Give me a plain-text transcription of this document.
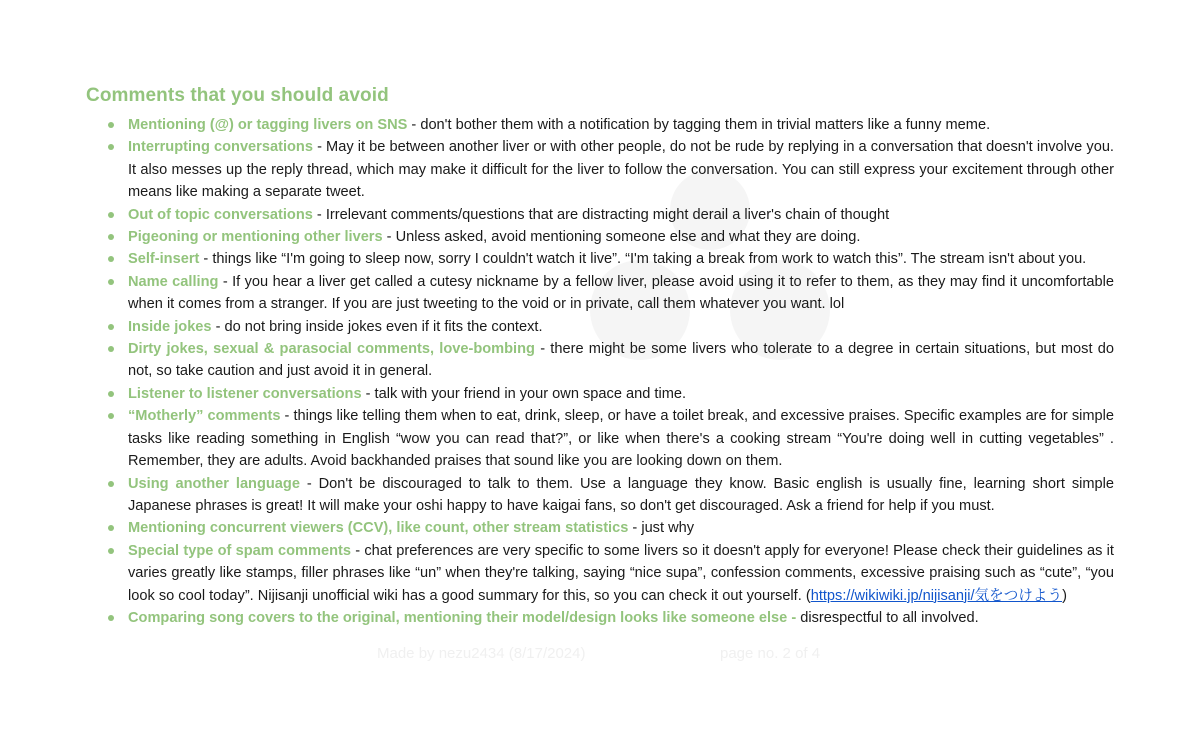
Comments that you should avoid
Mentioning (@) or tagging livers on SNS - don't bother them with a notification by tagging them in trivial matters like a funny meme.
Interrupting conversations - May it be between another liver or with other people, do not be rude by replying in a conversation that doesn't involve you. It also messes up the reply thread, which may make it difficult for the liver to follow the conversation. You can still express your excitement through other means like making a separate tweet.
Out of topic conversations - Irrelevant comments/questions that are distracting might derail a liver's chain of thought
Pigeoning or mentioning other livers - Unless asked, avoid mentioning someone else and what they are doing.
Self-insert - things like “I'm going to sleep now, sorry I couldn't watch it live”. “I'm taking a break from work to watch this”. The stream isn't about you.
Name calling - If you hear a liver get called a cutesy nickname by a fellow liver, please avoid using it to refer to them, as they may find it uncomfortable when it comes from a stranger. If you are just tweeting to the void or in private, call them whatever you want. lol
Inside jokes - do not bring inside jokes even if it fits the context.
Dirty jokes, sexual & parasocial comments, love-bombing - there might be some livers who tolerate to a degree in certain situations, but most do not, so take caution and just avoid it in general.
Listener to listener conversations - talk with your friend in your own space and time.
“Motherly” comments - things like telling them when to eat, drink, sleep, or have a toilet break, and excessive praises. Specific examples are for simple tasks like reading something in English “wow you can read that?”, or like when there's a cooking stream “You're doing well in cutting vegetables” . Remember, they are adults. Avoid backhanded praises that sound like you are looking down on them.
Using another language - Don't be discouraged to talk to them. Use a language they know. Basic english is usually fine, learning short simple Japanese phrases is great! It will make your oshi happy to have kaigai fans, so don't get discouraged. Ask a friend for help if you must.
Mentioning concurrent viewers (CCV), like count, other stream statistics - just why
Special type of spam comments - chat preferences are very specific to some livers so it doesn't apply for everyone! Please check their guidelines as it varies greatly like stamps, filler phrases like “un” when they're talking, saying “nice supa”, confession comments, excessive praising such as “cute”, “you look so cool today”. Nijisanji unofficial wiki has a good summary for this, so you can check it out yourself. (https://wikiwiki.jp/nijisanji/気をつけよう)
Comparing song covers to the original, mentioning their model/design looks like someone else - disrespectful to all involved.
Made by nezu2434 (8/17/2024)	page no. 2 of 4
